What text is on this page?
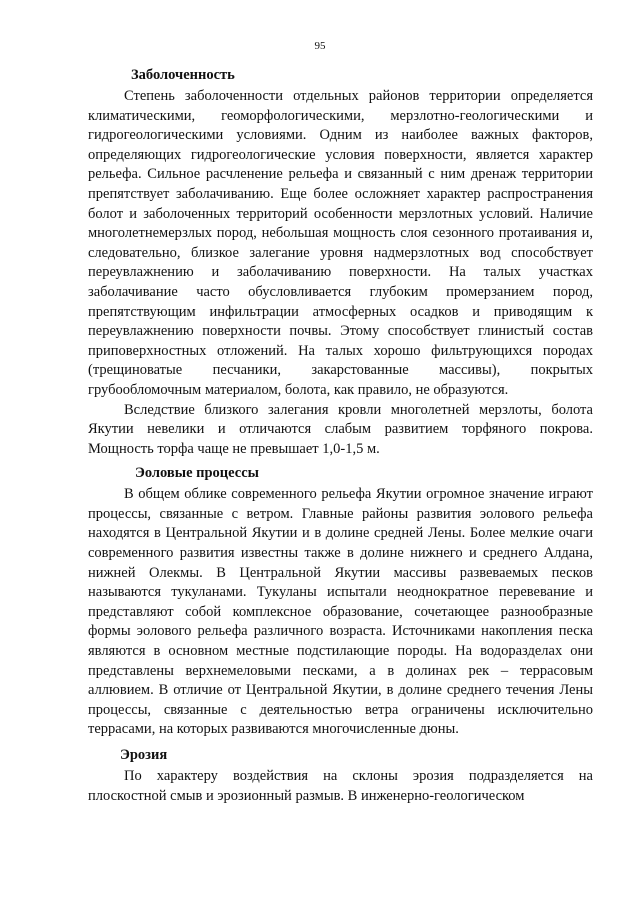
95
Заболоченность

Степень заболоченности отдельных районов территории определяется климатическими, геоморфологическими, мерзлотно-геологическими и гидрогеологическими условиями. Одним из наиболее важных факторов, определяющих гидрогеологические условия поверхности, является характер рельефа. Сильное расчленение рельефа и связанный с ним дренаж территории препятствует заболачиванию. Еще более осложняет характер распространения болот и заболоченных территорий особенности мерзлотных условий. Наличие многолетнемерзлых пород, небольшая мощность слоя сезонного протаивания и, следовательно, близкое залегание уровня надмерзлотных вод способствует переувлажнению и заболачиванию поверхности. На талых участках заболачивание часто обусловливается глубоким промерзанием пород, препятствующим инфильтрации атмосферных осадков и приводящим к переувлажнению поверхности почвы. Этому способствует глинистый состав приповерхностных отложений. На талых хорошо фильтрующихся породах (трещиноватые песчаники, закарстованные массивы), покрытых грубообломочным материалом, болота, как правило, не образуются.

Вследствие близкого залегания кровли многолетней мерзлоты, болота Якутии невелики и отличаются слабым развитием торфяного покрова. Мощность торфа чаще не превышает 1,0-1,5 м.

Эоловые процессы

В общем облике современного рельефа Якутии огромное значение играют процессы, связанные с ветром. Главные районы развития эолового рельефа находятся в Центральной Якутии и в долине средней Лены. Более мелкие очаги современного развития известны также в долине нижнего и среднего Алдана, нижней Олекмы. В Центральной Якутии массивы развеваемых песков называются тукуланами. Тукуланы испытали неоднократное перевевание и представляют собой комплексное образование, сочетающее разнообразные формы эолового рельефа различного возраста. Источниками накопления песка являются в основном местные подстилающие породы. На водоразделах они представлены верхнемеловыми песками, а в долинах рек – террасовым аллювием. В отличие от Центральной Якутии, в долине среднего течения Лены процессы, связанные с деятельностью ветра ограничены исключительно террасами, на которых развиваются многочисленные дюны.

Эрозия

По характеру воздействия на склоны эрозия подразделяется на плоскостной смыв и эрозионный размыв. В инженерно-геологическом
